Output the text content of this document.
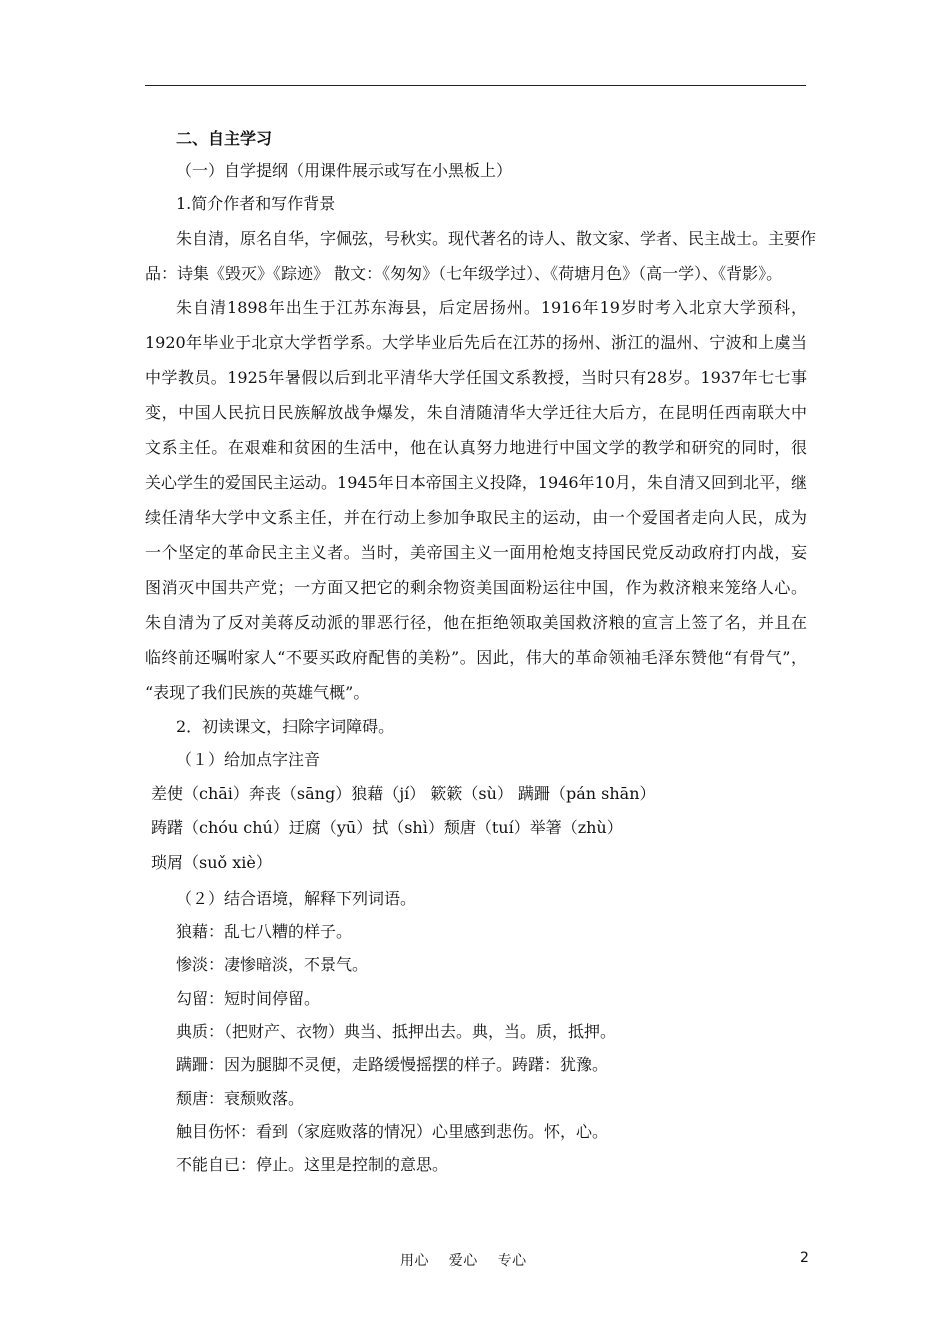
二、自主学习
（一）自学提纲（用课件展示或写在小黑板上）
1.简介作者和写作背景
朱自清，原名自华，字佩弦，号秋实。现代著名的诗人、散文家、学者、民主战士。主要作
品：诗集《毁灭》《踪迹》 散文：《匆匆》（七年级学过）、《荷塘月色》（高一学）、《背影》。
朱自清1898年出生于江苏东海县，后定居扬州。1916年19岁时考入北京大学预科，
1920年毕业于北京大学哲学系。大学毕业后先后在江苏的扬州、浙江的温州、宁波和上虞当
中学教员。1925年暑假以后到北平清华大学任国文系教授，当时只有28岁。1937年七七事
变，中国人民抗日民族解放战争爆发，朱自清随清华大学迁往大后方，在昆明任西南联大中
文系主任。在艰难和贫困的生活中，他在认真努力地进行中国文学的教学和研究的同时，很
关心学生的爱国民主运动。1945年日本帝国主义投降，1946年10月，朱自清又回到北平，继
续任清华大学中文系主任，并在行动上参加争取民主的运动，由一个爱国者走向人民，成为
一个坚定的革命民主主义者。当时，美帝国主义一面用枪炮支持国民党反动政府打内战，妄
图消灭中国共产党；一方面又把它的剩余物资美国面粉运往中国，作为救济粮来笼络人心。
朱自清为了反对美蒋反动派的罪恶行径，他在拒绝领取美国救济粮的宣言上签了名，并且在
临终前还嘱咐家人“不要买政府配售的美粉”。因此，伟大的革命领袖毛泽东赞他“有骨气”，
“表现了我们民族的英雄气概”。
2．初读课文，扫除字词障碍。
（１）给加点字注音
差使（chāi）奔丧（sāng）狼藉（jí） 簌簌（sù） 蹒跚（pán shān）
踌躇（chóu chú）迂腐（yū）拭（shì）颓唐（tuí）举箸（zhù）
琐屑（suǒ xiè）
（２）结合语境，解释下列词语。
狼藉：乱七八糟的样子。
惨淡：凄惨暗淡，不景气。
勾留：短时间停留。
典质：（把财产、衣物）典当、抵押出去。典，当。质，抵押。
蹒跚：因为腿脚不灵便，走路缓慢摇摆的样子。踌躇：犹豫。
颓唐：衰颓败落。
触目伤怀：看到（家庭败落的情况）心里感到悲伤。怀，心。
不能自已：停止。这里是控制的意思。
用心    爱心    专心	2
